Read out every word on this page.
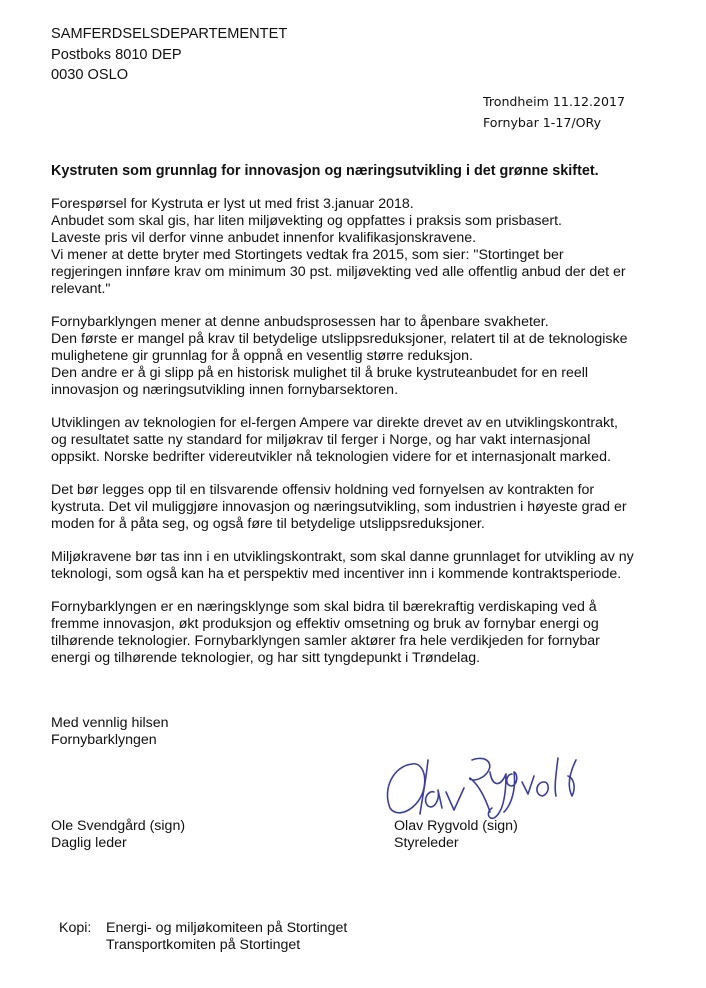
SAMFERDSELSDEPARTEMENTET
Postboks 8010 DEP
0030 OSLO
Trondheim 11.12.2017
Fornybar 1-17/ORy
Kystruten som grunnlag for innovasjon og næringsutvikling i det grønne skiftet.
Forespørsel for Kystruta er lyst ut med frist 3.januar 2018.
Anbudet som skal gis, har liten miljøvekting og oppfattes i praksis som prisbasert.
Laveste pris vil derfor vinne anbudet innenfor kvalifikasjonskravene.
Vi mener at dette bryter med Stortingets vedtak fra 2015, som sier: "Stortinget ber
regjeringen innføre krav om minimum 30 pst. miljøvekting ved alle offentlig anbud der det er
relevant."
Fornybarklyngen mener at denne anbudsprosessen har to åpenbare svakheter.
Den første er mangel på krav til betydelige utslippsreduksjoner, relatert til at de teknologiske
mulighetene gir grunnlag for å oppnå en vesentlig større reduksjon.
Den andre er å gi slipp på en historisk mulighet til å bruke kystruteanbudet for en reell
innovasjon og næringsutvikling innen fornybarsektoren.
Utviklingen av teknologien for el-fergen Ampere var direkte drevet av en utviklingskontrakt,
og resultatet satte ny standard for miljøkrav til ferger i Norge, og har vakt internasjonal
oppsikt. Norske bedrifter videreutvikler nå teknologien videre for et internasjonalt marked.
Det bør legges opp til en tilsvarende offensiv holdning ved fornyelsen av kontrakten for
kystruta. Det vil muliggjøre innovasjon og næringsutvikling, som industrien i høyeste grad er
moden for å påta seg, og også føre til betydelige utslippsreduksjoner.
Miljøkravene bør tas inn i en utviklingskontrakt, som skal danne grunnlaget for utvikling av ny
teknologi, som også kan ha et perspektiv med incentiver inn i kommende kontraktsperiode.
Fornybarklyngen er en næringsklynge som skal bidra til bærekraftig verdiskaping ved å
fremme innovasjon, økt produksjon og effektiv omsetning og bruk av fornybar energi og
tilhørende teknologier. Fornybarklyngen samler aktører fra hele verdikjeden for fornybar
energi og tilhørende teknologier, og har sitt tyngdepunkt i Trøndelag.
Med vennlig hilsen
Fornybarklyngen
Ole Svendgård (sign)
Daglig leder
Olav Rygvold (sign)
Styreleder
Kopi:	Energi- og miljøkomiteen på Stortinget
Transportkomiten på Stortinget
